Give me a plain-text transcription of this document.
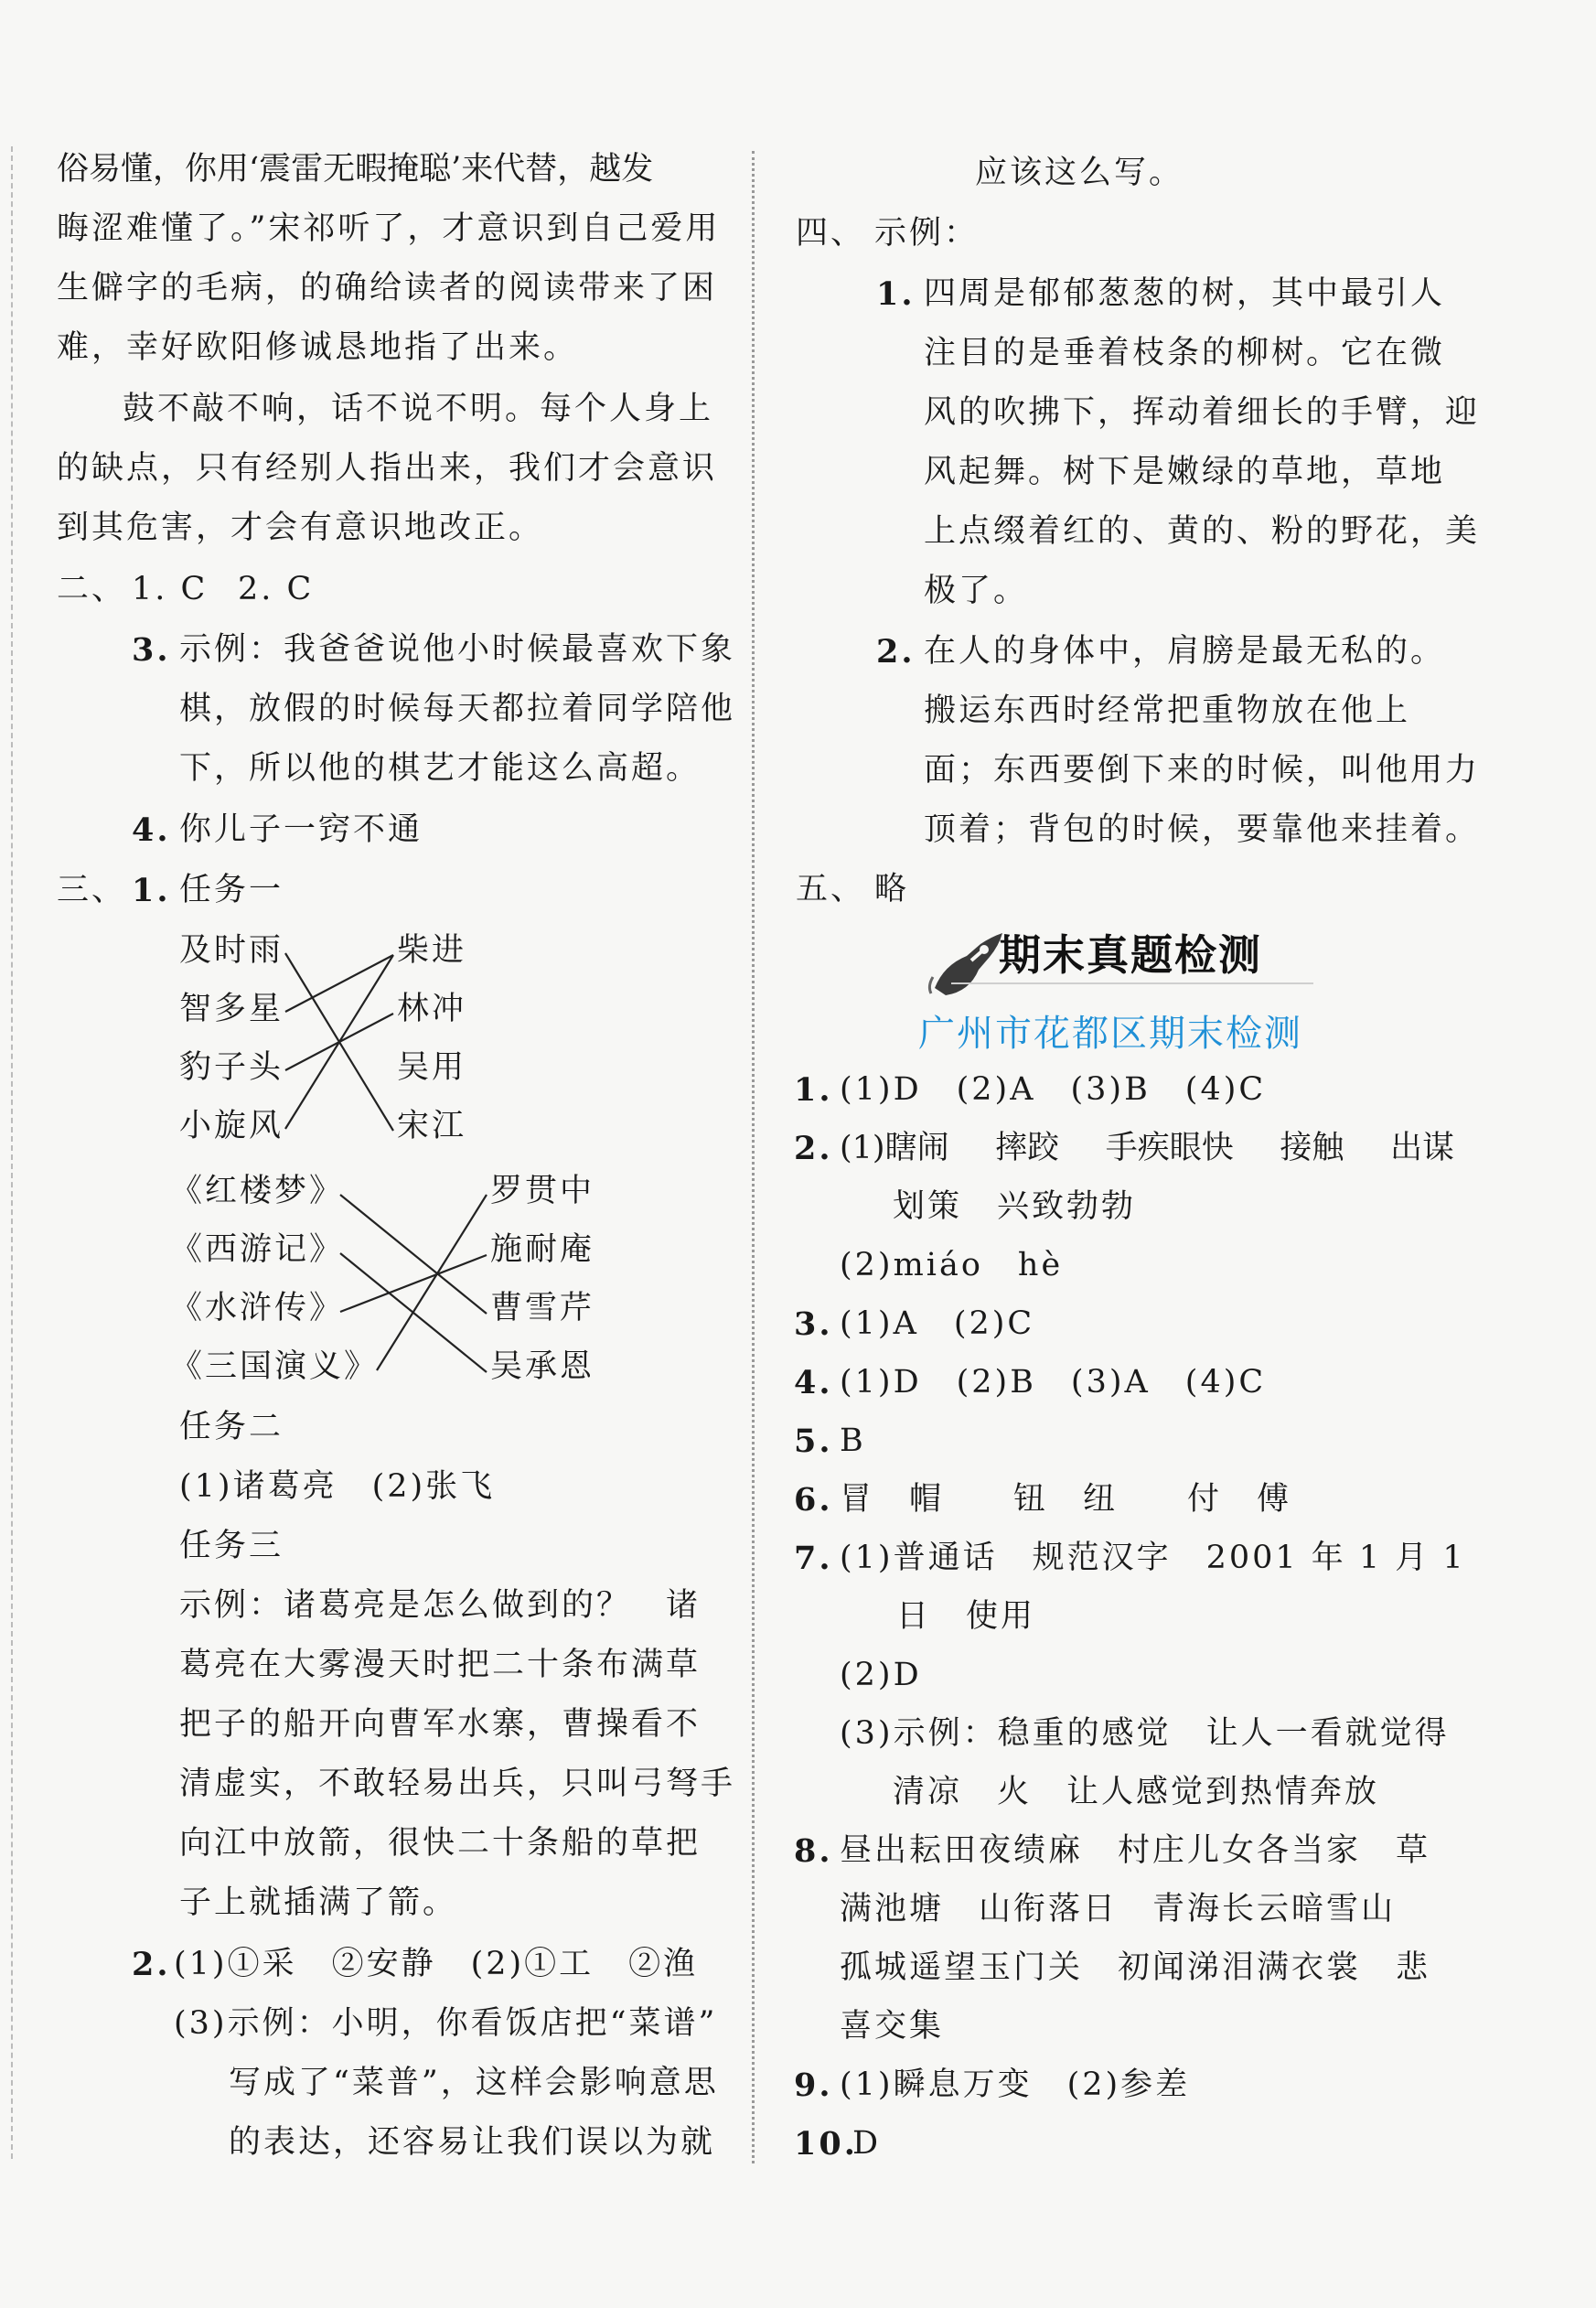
俗易懂，你用‘震雷无暇掩聪’来代替，越发
晦涩难懂了。”宋祁听了，才意识到自己爱用
生僻字的毛病，的确给读者的阅读带来了困
难，幸好欧阳修诚恳地指了出来。
鼓不敲不响，话不说不明。每个人身上
的缺点，只有经别人指出来，我们才会意识
到其危害，才会有意识地改正。
二、 1. C 2. C
3. 示例：我爸爸说他小时候最喜欢下象
棋，放假的时候每天都拉着同学陪他
下，所以他的棋艺才能这么高超。
4. 你儿子一窍不通
三、 1. 任务一
及时雨
智多星
豹子头
小旋风
柴进
林冲
吴用
宋江
《红楼梦》
《西游记》
《水浒传》
《三国演义》
罗贯中
施耐庵
曹雪芹
吴承恩
任务二
(1)诸葛亮　(2)张飞
任务三
示例：诸葛亮是怎么做到的？　诸
葛亮在大雾漫天时把二十条布满草
把子的船开向曹军水寨，曹操看不
清虚实，不敢轻易出兵，只叫弓弩手
向江中放箭，很快二十条船的草把
子上就插满了箭。
2. (1)①采　②安静　(2)①工　②渔
(3)示例：小明，你看饭店把“菜谱”
写成了“菜普”，这样会影响意思
的表达，还容易让我们误以为就
应该这么写。
四、 示例：
1. 四周是郁郁葱葱的树，其中最引人
注目的是垂着枝条的柳树。它在微
风的吹拂下，挥动着细长的手臂，迎
风起舞。树下是嫩绿的草地，草地
上点缀着红的、黄的、粉的野花，美
极了。
2. 在人的身体中，肩膀是最无私的。
搬运东西时经常把重物放在他上
面；东西要倒下来的时候，叫他用力
顶着；背包的时候，要靠他来挂着。
五、 略
期末真题检测
广州市花都区期末检测
1. (1)D　(2)A　(3)B　(4)C
2. (1)瞎闹 摔跤 手疾眼快 接触 出谋
划策　兴致勃勃
(2)miáo　hè
3. (1)A　(2)C
4. (1)D　(2)B　(3)A　(4)C
5. B
6. 冒　帽　　钮　纽　　付　傅
7. (1)普通话　规范汉字　2001 年 1 月 1
日　使用
(2)D
(3)示例：稳重的感觉　让人一看就觉得
清凉　火　让人感觉到热情奔放
8. 昼出耘田夜绩麻　村庄儿女各当家　草
满池塘　山衔落日　青海长云暗雪山
孤城遥望玉门关　初闻涕泪满衣裳　悲
喜交集
9. (1)瞬息万变　(2)参差
10.
D
